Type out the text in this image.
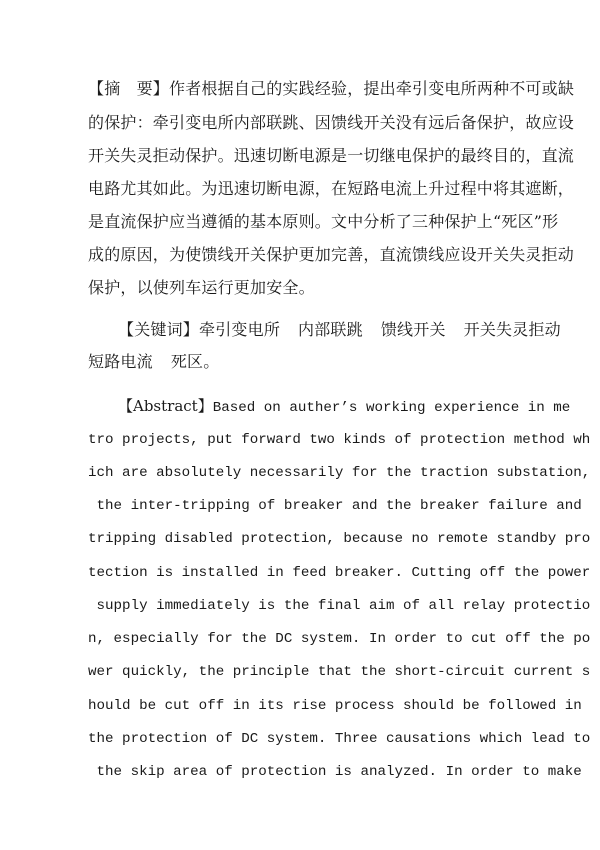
【摘　要】作者根据自己的实践经验，提出牵引变电所两种不可或缺
的保护：牵引变电所内部联跳、因馈线开关没有远后备保护，故应设
开关失灵拒动保护。迅速切断电源是一切继电保护的最终目的，直流
电路尤其如此。为迅速切断电源，在短路电流上升过程中将其遮断，
是直流保护应当遵循的基本原则。文中分析了三种保护上“死区”形
成的原因，为使馈线开关保护更加完善，直流馈线应设开关失灵拒动
保护，以使列车运行更加安全。
【关键词】牵引变电所 内部联跳 馈线开关 开关失灵拒动
短路电流 死区。
【Abstract】Based on auther’s working experience in me
tro projects, put forward two kinds of protection method wh
ich are absolutely necessarily for the traction substation,
the inter-tripping of breaker and the breaker failure and
tripping disabled protection, because no remote standby pro
tection is installed in feed breaker. Cutting off the power
supply immediately is the final aim of all relay protectio
n, especially for the DC system. In order to cut off the po
wer quickly, the principle that the short-circuit current s
hould be cut off in its rise process should be followed in
the protection of DC system. Three causations which lead to
the skip area of protection is analyzed. In order to make
